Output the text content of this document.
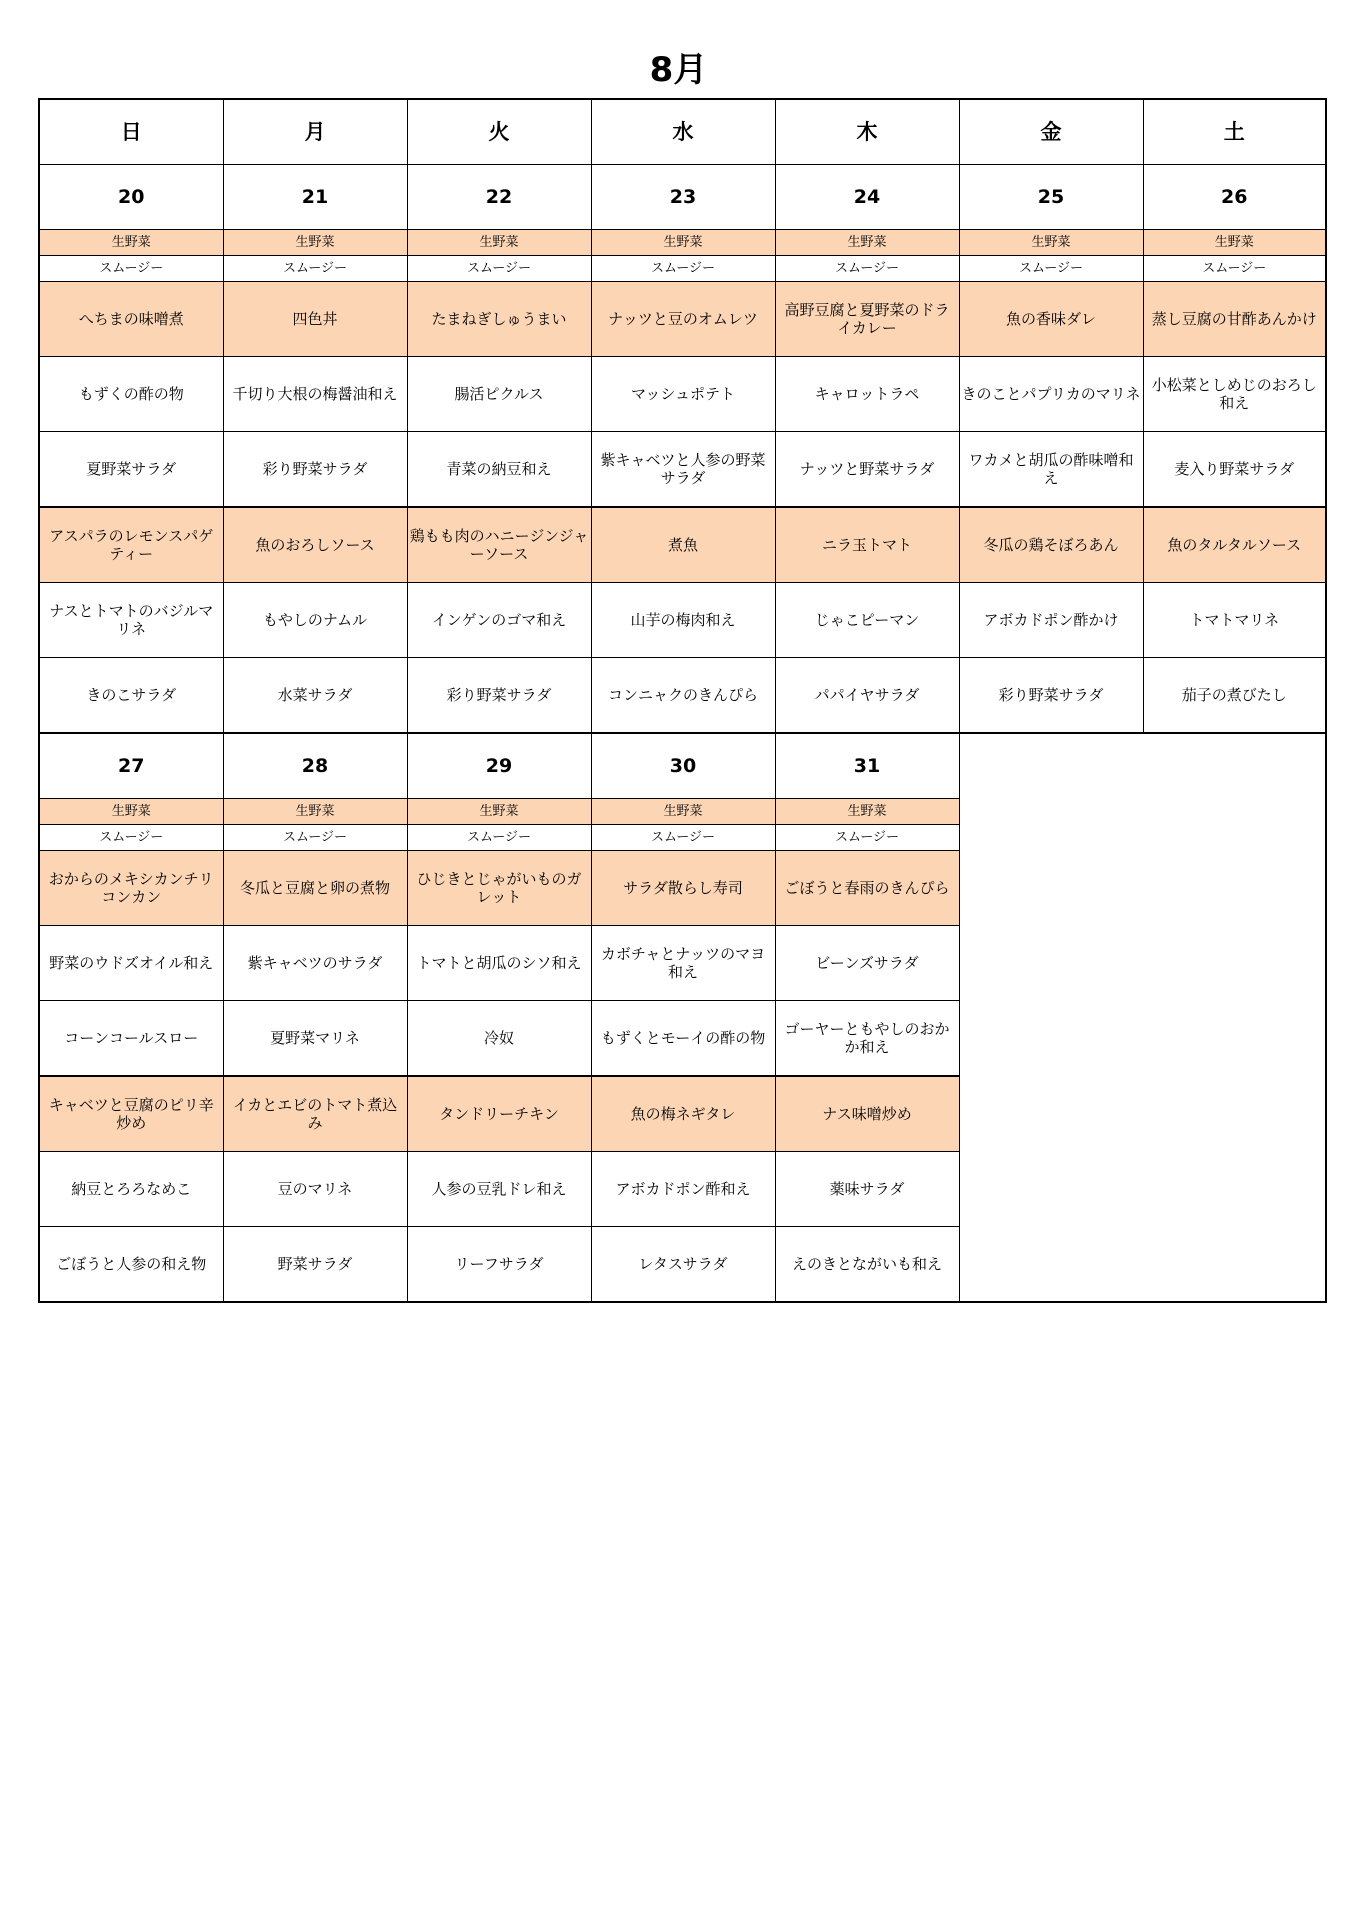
8月
日	月	火	水	木	金	土
20	21	22	23	24	25	26
生野菜	生野菜	生野菜	生野菜	生野菜	生野菜	生野菜
スムージー	スムージー	スムージー	スムージー	スムージー	スムージー	スムージー
へちまの味噌煮	四色丼	たまねぎしゅうまい	ナッツと豆のオムレツ	高野豆腐と夏野菜のドライカレー	魚の香味ダレ	蒸し豆腐の甘酢あんかけ
もずくの酢の物	千切り大根の梅醤油和え	腸活ピクルス	マッシュポテト	キャロットラペ	きのことパプリカのマリネ	小松菜としめじのおろし和え
夏野菜サラダ	彩り野菜サラダ	青菜の納豆和え	紫キャベツと人参の野菜サラダ	ナッツと野菜サラダ	ワカメと胡瓜の酢味噌和え	麦入り野菜サラダ
アスパラのレモンスパゲティー	魚のおろしソース	鶏もも肉のハニージンジャーソース	煮魚	ニラ玉トマト	冬瓜の鶏そぼろあん	魚のタルタルソース
ナスとトマトのバジルマリネ	もやしのナムル	インゲンのゴマ和え	山芋の梅肉和え	じゃこピーマン	アボカドポン酢かけ	トマトマリネ
きのこサラダ	水菜サラダ	彩り野菜サラダ	コンニャクのきんぴら	パパイヤサラダ	彩り野菜サラダ	茄子の煮びたし
27	28	29	30	31		
生野菜	生野菜	生野菜	生野菜	生野菜		
スムージー	スムージー	スムージー	スムージー	スムージー		
おからのメキシカンチリコンカン	冬瓜と豆腐と卵の煮物	ひじきとじゃがいものガレット	サラダ散らし寿司	ごぼうと春雨のきんぴら		
野菜のウドズオイル和え	紫キャベツのサラダ	トマトと胡瓜のシソ和え	カボチャとナッツのマヨ和え	ビーンズサラダ		
コーンコールスロー	夏野菜マリネ	冷奴	もずくとモーイの酢の物	ゴーヤーともやしのおかか和え		
キャベツと豆腐のピリ辛炒め	イカとエビのトマト煮込み	タンドリーチキン	魚の梅ネギタレ	ナス味噌炒め		
納豆とろろなめこ	豆のマリネ	人参の豆乳ドレ和え	アボカドポン酢和え	薬味サラダ		
ごぼうと人参の和え物	野菜サラダ	リーフサラダ	レタスサラダ	えのきとながいも和え		
